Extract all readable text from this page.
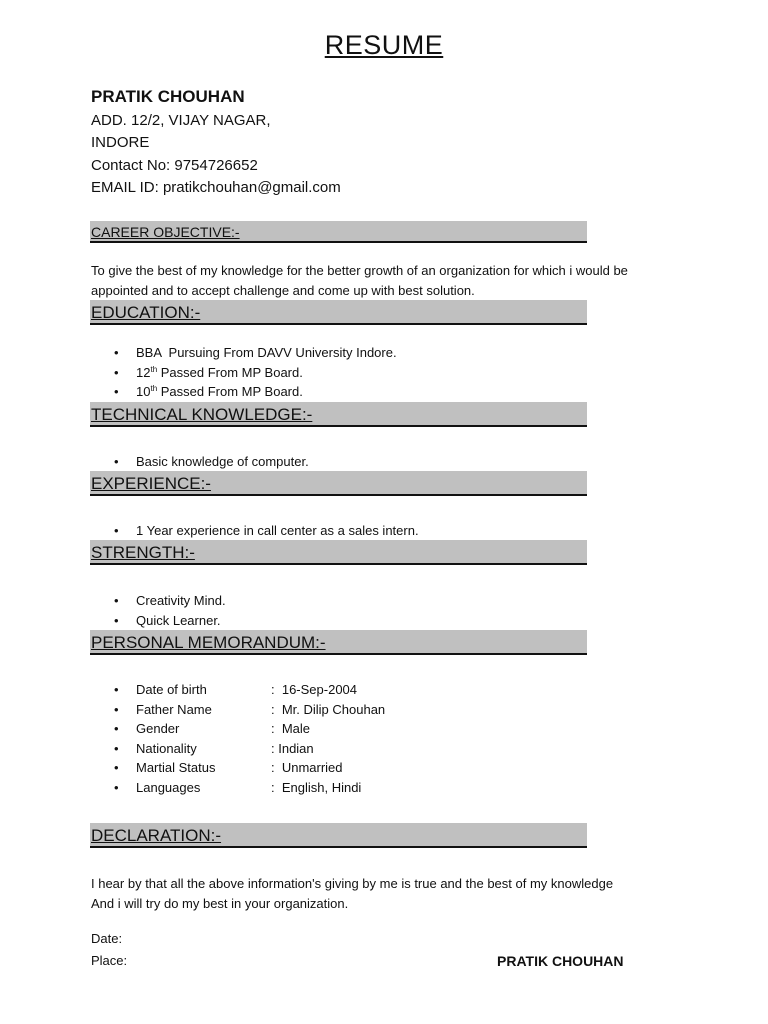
RESUME
PRATIK CHOUHAN
ADD. 12/2, VIJAY NAGAR,
INDORE
Contact No: 9754726652
EMAIL ID: pratikchouhan@gmail.com
CAREER OBJECTIVE:-
To give the best of my knowledge for the better growth of an organization for which i would be
appointed and to accept challenge and come up with best solution.
EDUCATION:-
• BBA  Pursuing From DAVV University Indore.
• 12th Passed From MP Board.
• 10th Passed From MP Board.
TECHNICAL KNOWLEDGE:-
• Basic knowledge of computer.
EXPERIENCE:-
• 1 Year experience in call center as a sales intern.
STRENGTH:-
• Creativity Mind.
• Quick Learner.
PERSONAL MEMORANDUM:-
• Date of birth	:  16-Sep-2004
• Father Name	:  Mr. Dilip Chouhan
• Gender	:  Male
• Nationality	: Indian
• Martial Status	:  Unmarried
• Languages	:  English, Hindi
DECLARATION:-
I hear by that all the above information's giving by me is true and the best of my knowledge
And i will try do my best in your organization.
Date:
Place:	PRATIK CHOUHAN
